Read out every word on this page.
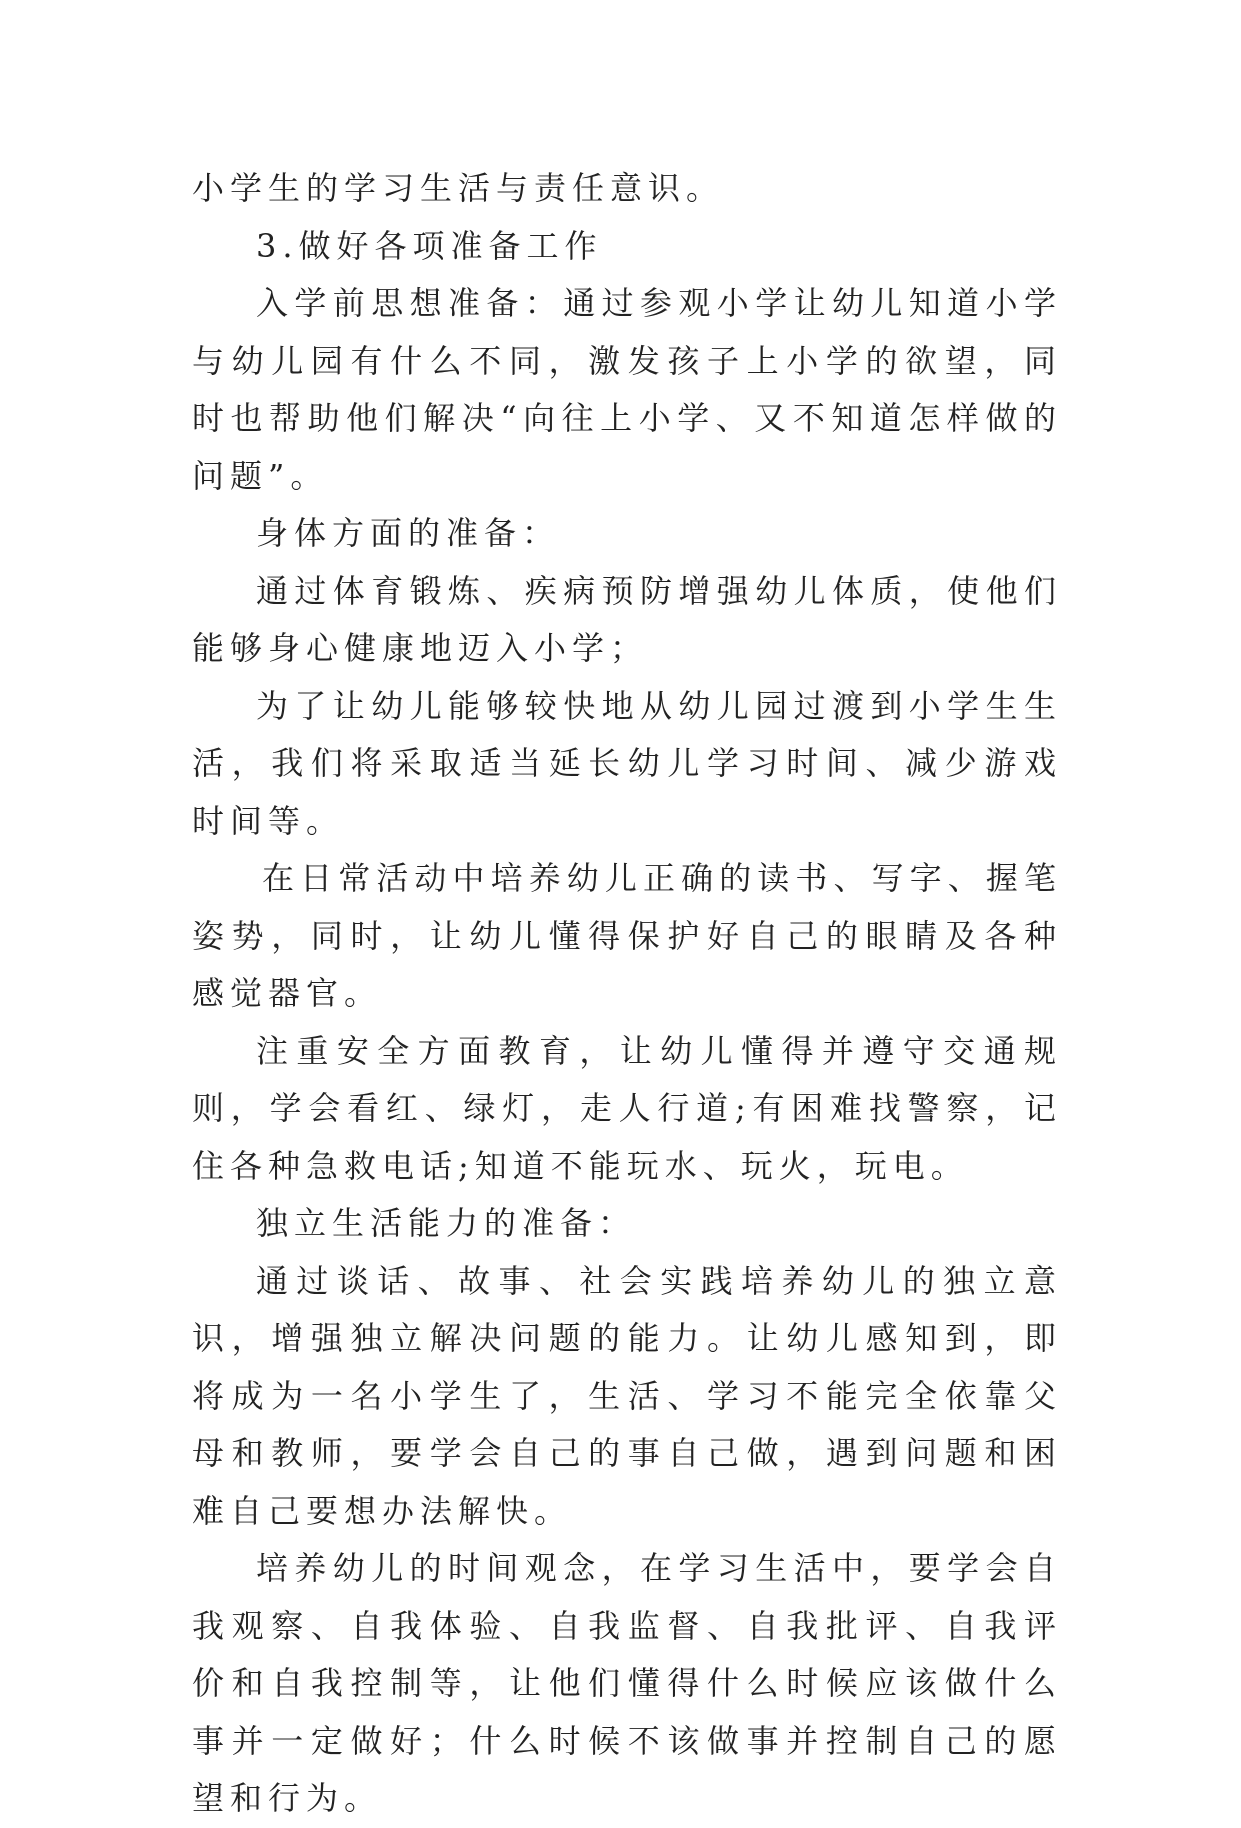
小学生的学习生活与责任意识。

3.做好各项准备工作

入学前思想准备：通过参观小学让幼儿知道小学与幼儿园有什么不同，激发孩子上小学的欲望，同时也帮助他们解决“向往上小学、又不知道怎样做的问题”。

身体方面的准备：

通过体育锻炼、疾病预防增强幼儿体质，使他们能够身心健康地迈入小学；

为了让幼儿能够较快地从幼儿园过渡到小学生生活，我们将采取适当延长幼儿学习时间、减少游戏时间等。

在日常活动中培养幼儿正确的读书、写字、握笔姿势，同时，让幼儿懂得保护好自己的眼睛及各种感觉器官。

注重安全方面教育，让幼儿懂得并遵守交通规则，学会看红、绿灯，走人行道;有困难找警察，记住各种急救电话;知道不能玩水、玩火，玩电。

独立生活能力的准备：

通过谈话、故事、社会实践培养幼儿的独立意识，增强独立解决问题的能力。让幼儿感知到，即将成为一名小学生了，生活、学习不能完全依靠父母和教师，要学会自己的事自己做，遇到问题和困难自己要想办法解快。

培养幼儿的时间观念，在学习生活中，要学会自我观察、自我体验、自我监督、自我批评、自我评价和自我控制等，让他们懂得什么时候应该做什么事并一定做好；什么时候不该做事并控制自己的愿望和行为。
